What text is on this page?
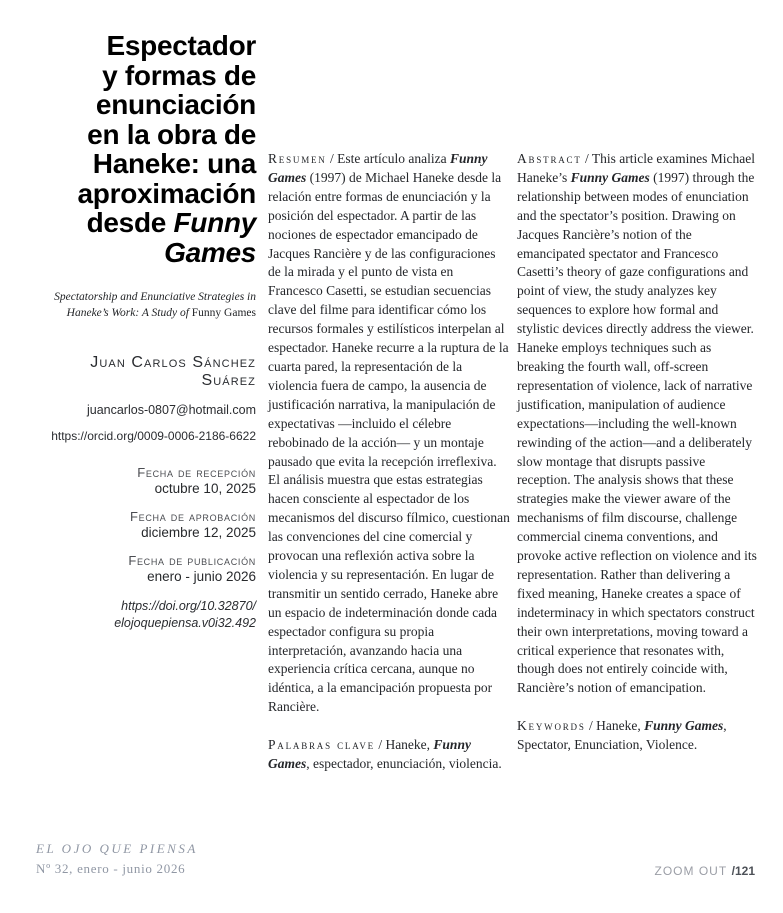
Espectador
y formas de
enunciación
en la obra de
Haneke: una
aproximación
desde Funny
Games

Spectatorship and Enunciative Strategies in Haneke’s Work: A Study of Funny Games

Juan Carlos Sánchez Suárez

juancarlos-0807@hotmail.com

https://orcid.org/0009-0006-2186-6622

Fecha de recepción
octubre 10, 2025
Fecha de aprobación
diciembre 12, 2025
Fecha de publicación
enero - junio 2026

https://doi.org/10.32870/
elojoquepiensa.v0i32.492

Resumen / Este artículo analiza Funny Games (1997) de Michael Haneke desde la relación entre formas de enunciación y la posición del espectador. A partir de las nociones de espectador emancipado de Jacques Rancière y de las configuraciones de la mirada y el punto de vista en Francesco Casetti, se estudian secuencias clave del filme para identificar cómo los recursos formales y estilísticos interpelan al espectador. Haneke recurre a la ruptura de la cuarta pared, la representación de la violencia fuera de campo, la ausencia de justificación narrativa, la manipulación de expectativas —incluido el célebre rebobinado de la acción— y un montaje pausado que evita la recepción irreflexiva. El análisis muestra que estas estrategias hacen consciente al espectador de los mecanismos del discurso fílmico, cuestionan las convenciones del cine comercial y provocan una reflexión activa sobre la violencia y su representación. En lugar de transmitir un sentido cerrado, Haneke abre un espacio de indeterminación donde cada espectador configura su propia interpretación, avanzando hacia una experiencia crítica cercana, aunque no idéntica, a la emancipación propuesta por Rancière.

Palabras clave / Haneke, Funny Games, espectador, enunciación, violencia.

Abstract / This article examines Michael Haneke’s Funny Games (1997) through the relationship between modes of enunciation and the spectator’s position. Drawing on Jacques Rancière’s notion of the emancipated spectator and Francesco Casetti’s theory of gaze configurations and point of view, the study analyzes key sequences to explore how formal and stylistic devices directly address the viewer. Haneke employs techniques such as breaking the fourth wall, off-screen representation of violence, lack of narrative justification, manipulation of audience expectations—including the well-known rewinding of the action—and a deliberately slow montage that disrupts passive reception. The analysis shows that these strategies make the viewer aware of the mechanisms of film discourse, challenge commercial cinema conventions, and provoke active reflection on violence and its representation. Rather than delivering a fixed meaning, Haneke creates a space of indeterminacy in which spectators construct their own interpretations, moving toward a critical experience that resonates with, though does not entirely coincide with, Rancière’s notion of emancipation.

Keywords / Haneke, Funny Games, Spectator, Enunciation, Violence.

EL OJO QUE PIENSA
Nº 32, enero - junio 2026	ZOOM OUT /121
